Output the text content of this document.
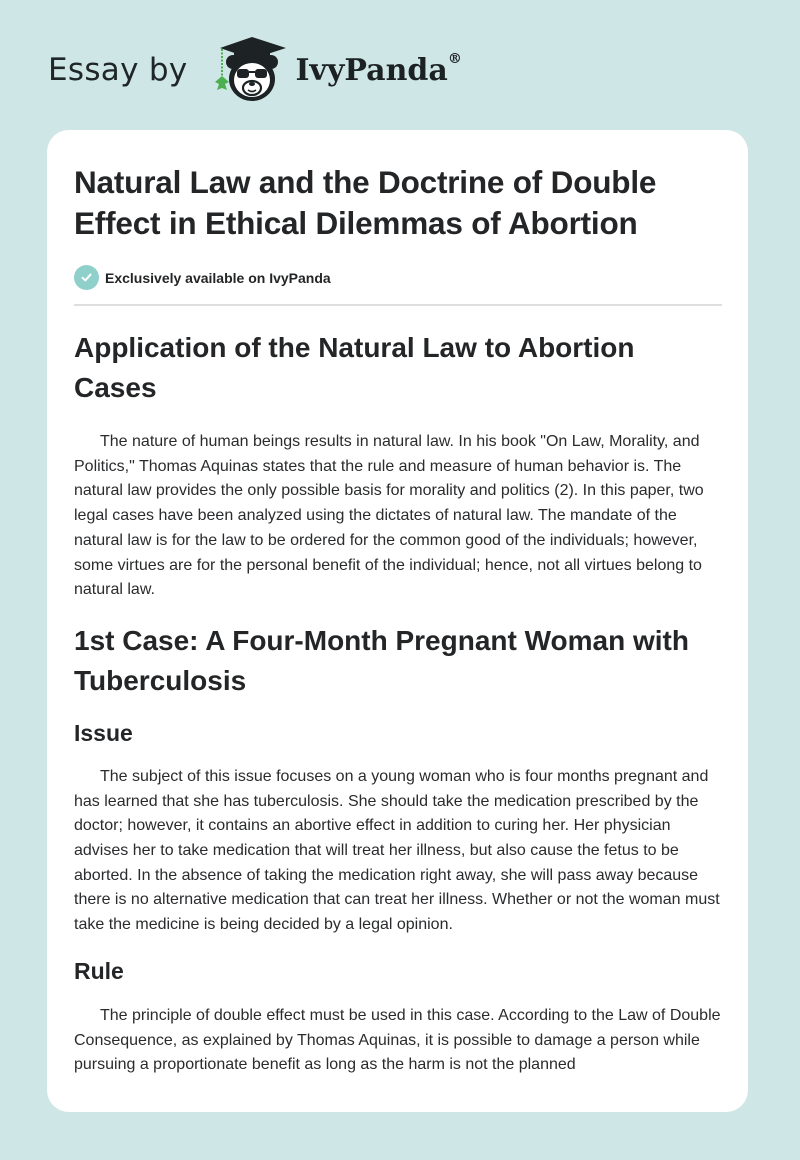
Essay by	IvyPanda®
Natural Law and the Doctrine of Double Effect in Ethical Dilemmas of Abortion
Exclusively available on IvyPanda
Application of the Natural Law to Abortion Cases

The nature of human beings results in natural law. In his book "On Law, Morality, and Politics," Thomas Aquinas states that the rule and measure of human behavior is. The natural law provides the only possible basis for morality and politics (2). In this paper, two legal cases have been analyzed using the dictates of natural law. The mandate of the natural law is for the law to be ordered for the common good of the individuals; however, some virtues are for the personal benefit of the individual; hence, not all virtues belong to natural law.

1st Case: A Four-Month Pregnant Woman with Tuberculosis
Issue

The subject of this issue focuses on a young woman who is four months pregnant and has learned that she has tuberculosis. She should take the medication prescribed by the doctor; however, it contains an abortive effect in addition to curing her. Her physician advises her to take medication that will treat her illness, but also cause the fetus to be aborted. In the absence of taking the medication right away, she will pass away because there is no alternative medication that can treat her illness. Whether or not the woman must take the medicine is being decided by a legal opinion.

Rule

The principle of double effect must be used in this case. According to the Law of Double Consequence, as explained by Thomas Aquinas, it is possible to damage a person while pursuing a proportionate benefit as long as the harm is not the planned
